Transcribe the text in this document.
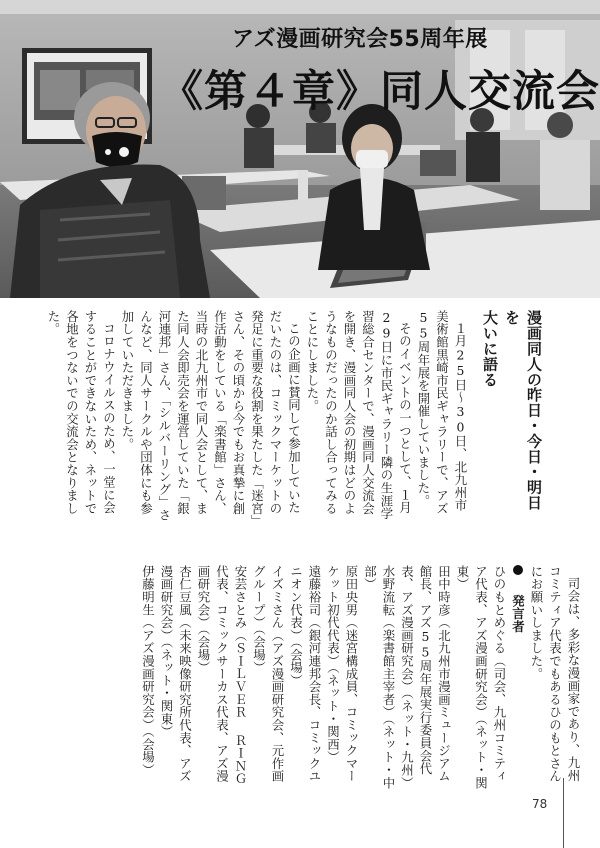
アズ漫画研究会55周年展
《第４章》同人交流会

漫画同人の昨日・今日・明日を
大いに語る

１月25日〜30日、北九州市美術館黒崎市民ギャラリーで、アズ55周年展を開催していました。

そのイベントの一つとして、１月29日に市民ギャラリー隣の生涯学習総合センターで、漫画同人交流会を開き、漫画同人会の初期はどのようなものだったのか話し合ってみることにしました。

この企画に賛同して参加していただいたのは、コミックマーケットの発足に重要な役割を果たした「迷宮」さん、その頃から今でもお真摯に創作活動をしている「楽書館」さん、当時の北九州市で同人会として、また同人会即売会を運営していた「銀河連邦」さん、「シルバーリング」さんなど、同人サークルや団体にも参加していただきました。

コロナウイルスのため、一堂に会することができないため、ネットで各地をつないでの交流会となりました。

司会は、多彩な漫画家であり、九州コミティア代表でもあるひのもとさんにお願いしました。

発言者

ひのもとめぐる（司会、九州コミティア代表、アズ漫画研究会）（ネット・関東）

田中時彦（北九州市漫画ミュージアム館長、アズ55周年展実行委員会代表、アズ漫画研究会）（ネット・九州）

水野流転（楽書館主宰者）（ネット・中部）

原田央男（迷宮構成員、コミックマーケット初代代表）（ネット・関西）

遠藤裕司（銀河連邦会長、コミックユニオン代表）（会場）

イズミさん（アズ漫画研究会、元作画グループ）（会場）

安芸さとみ（ＳＩＬＶＥＲ ＲＩＮＧ代表、コミックサーカス代表、アズ漫画研究会）（会場）

杏仁豆風（未来映像研究所代表、アズ漫画研究会）（ネット・関東）

伊藤明生（アズ漫画研究会）（会場）

78
